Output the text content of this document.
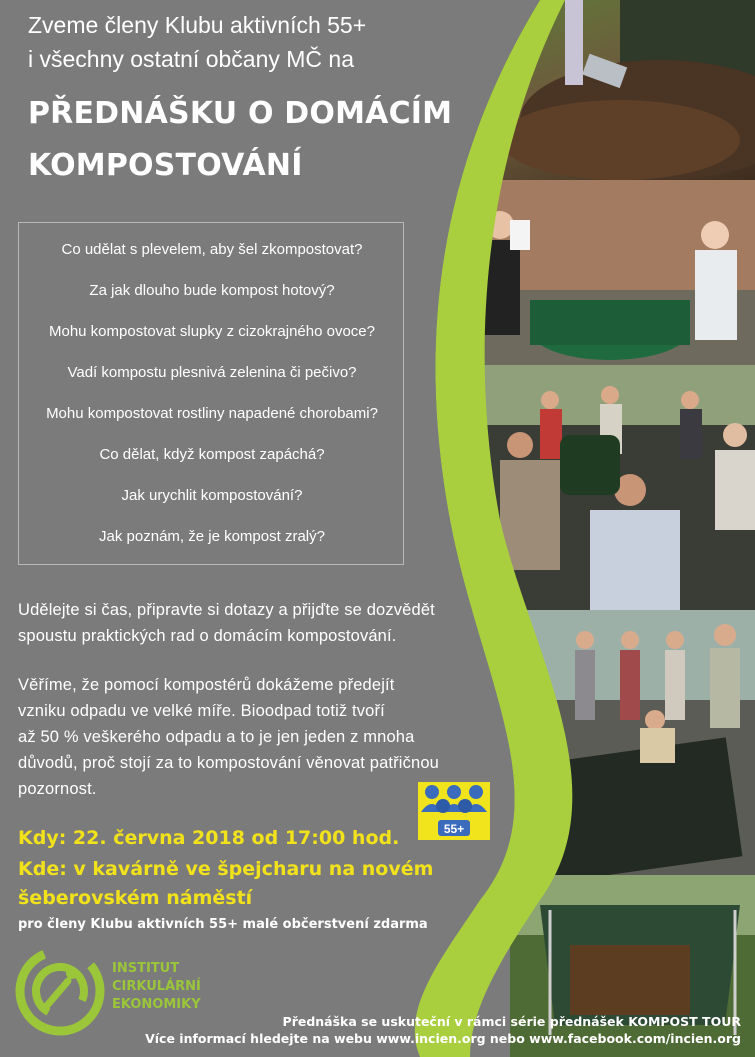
Zveme členy Klubu aktivních 55+
i všechny ostatní občany MČ na
PŘEDNÁŠKU O DOMÁCÍM
KOMPOSTOVÁNÍ
Co udělat s plevelem, aby šel zkompostovat?
Za jak dlouho bude kompost hotový?
Mohu kompostovat slupky z cizokrajného ovoce?
Vadí kompostu plesnivá zelenina či pečivo?
Mohu kompostovat rostliny napadené chorobami?
Co dělat, když kompost zapáchá?
Jak urychlit kompostování?
Jak poznám, že je kompost zralý?
Udělejte si čas, připravte si dotazy a přijďte se dozvědět
spoustu praktických rad o domácím kompostování.
Věříme, že pomocí kompostérů dokážeme předejít
vzniku odpadu ve velké míře. Bioodpad totiž tvoří
až 50 % veškerého odpadu a to je jen jeden z mnoha
důvodů, proč stojí za to kompostování věnovat patřičnou
pozornost.
55+
Kdy: 22. června 2018 od 17:00 hod.
Kde: v kavárně ve špejcharu na novém
šeberovském náměstí
pro členy Klubu aktivních 55+ malé občerstvení zdarma
INSTITUT
CIRKULÁRNÍ
EKONOMIKY
Přednáška se uskuteční v rámci série přednášek KOMPOST TOUR
Více informací hledejte na webu www.incien.org nebo www.facebook.com/incien.org
